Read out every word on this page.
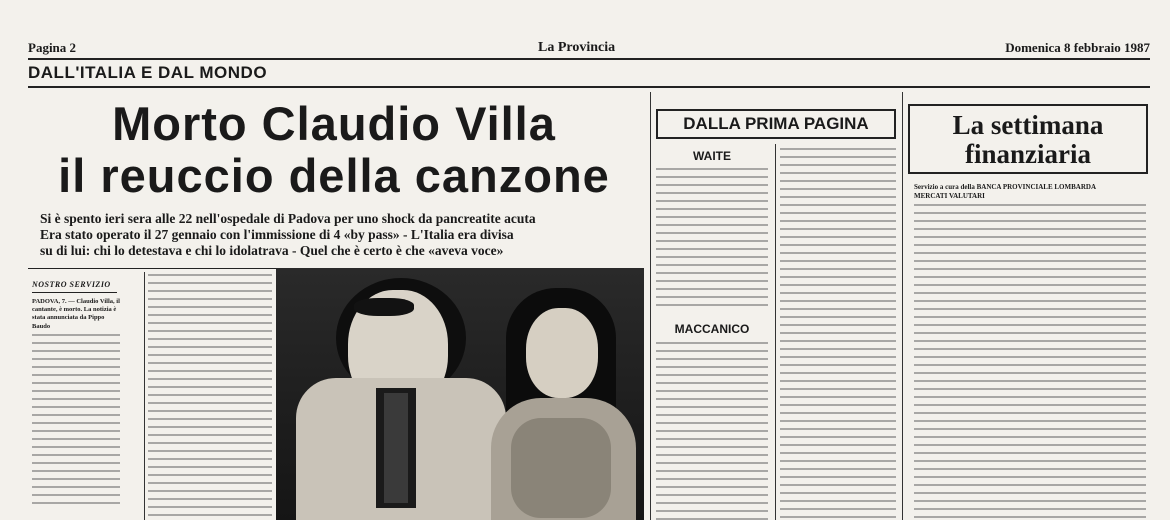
Pagina 2	La Provincia	Domenica 8 febbraio 1987
DALL'ITALIA E DAL MONDO
Morto Claudio Villa
il reuccio della canzone
Si è spento ieri sera alle 22 nell'ospedale di Padova per uno shock da pancreatite acuta
Era stato operato il 27 gennaio con l'immissione di 4 «by pass» - L'Italia era divisa
su di lui: chi lo detestava e chi lo idolatrava - Quel che è certo è che «aveva voce»
NOSTRO SERVIZIO
PADOVA, 7. — Claudio Villa, il cantante, è morto. La notizia è stata annunciata da Pippo Baudo
DALLA PRIMA PAGINA
WAITE
MACCANICO
La settimana
finanziaria
Servizio a cura della BANCA PROVINCIALE LOMBARDA
MERCATI VALUTARI
